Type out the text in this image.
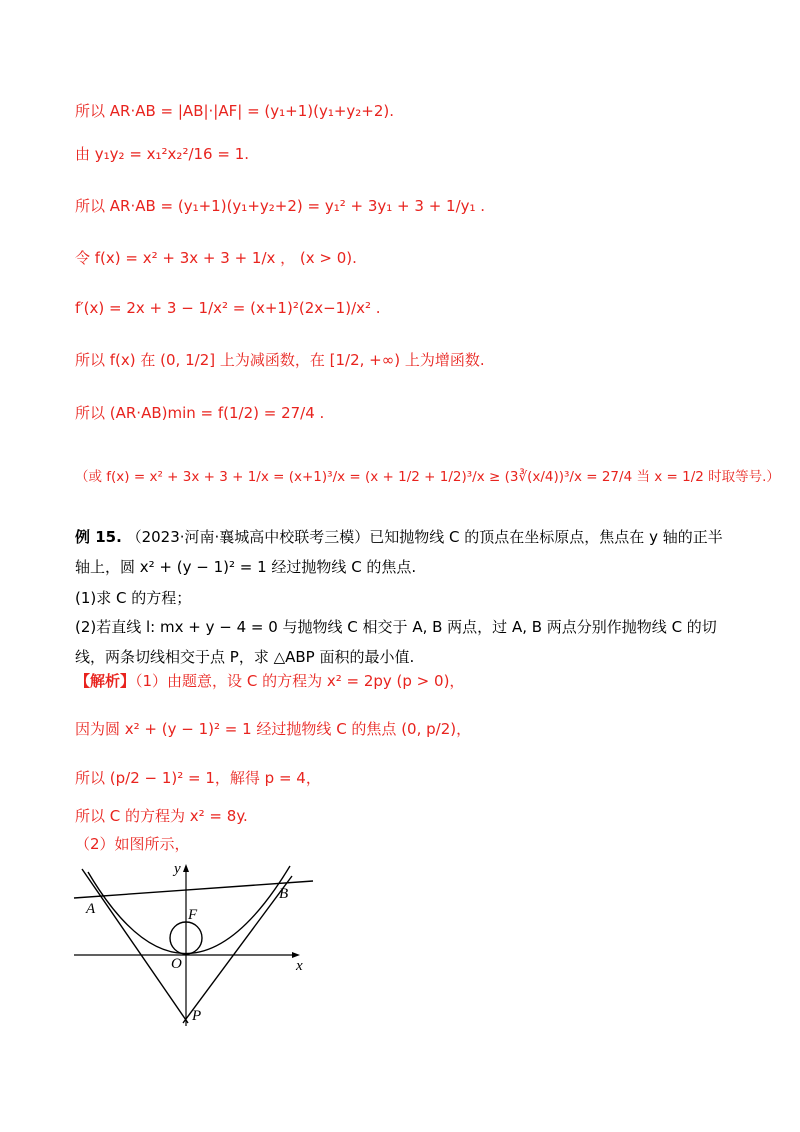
所以 AR·AB = |AB|·|AF| = (y₁+1)(y₁+y₂+2).
由 y₁y₂ = x₁²x₂²/16 = 1.
所以 AR·AB = (y₁+1)(y₁+y₂+2) = y₁² + 3y₁ + 3 + 1/y₁ .
令 f(x) = x² + 3x + 3 + 1/x ， (x > 0).
f′(x) = 2x + 3 − 1/x² = (x+1)²(2x−1)/x² .
所以 f(x) 在 (0, 1/2] 上为减函数，在 [1/2, +∞) 上为增函数.
所以 (AR·AB)min = f(1/2) = 27/4 .
（或 f(x) = x² + 3x + 3 + 1/x = (x+1)³/x = (x + 1/2 + 1/2)³/x ≥ (3∛(x/4))³/x = 27/4 当 x = 1/2 时取等号.）
例 15. （2023·河南·襄城高中校联考三模）已知抛物线 C 的顶点在坐标原点，焦点在 y 轴的正半轴上，圆 x² + (y − 1)² = 1 经过抛物线 C 的焦点.
(1)求 C 的方程；
(2)若直线 l: mx + y − 4 = 0 与抛物线 C 相交于 A, B 两点，过 A, B 两点分别作抛物线 C 的切线，两条切线相交于点 P，求 △ABP 面积的最小值.
【解析】（1）由题意，设 C 的方程为 x² = 2py (p > 0)，
因为圆 x² + (y − 1)² = 1 经过抛物线 C 的焦点 (0, p/2)，
所以 (p/2 − 1)² = 1，解得 p = 4，
所以 C 的方程为 x² = 8y.
（2）如图所示，
y
x
A
B
F
O
P
